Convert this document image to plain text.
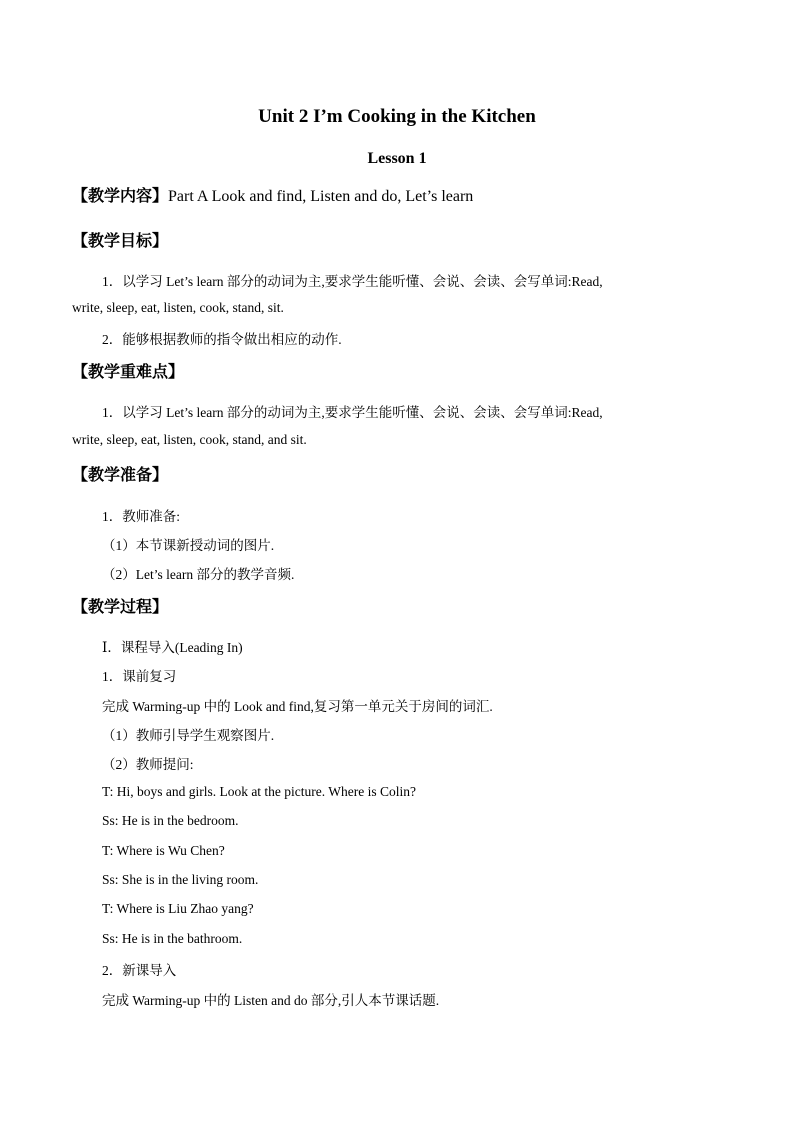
Unit 2 I’m Cooking in the Kitchen
Lesson 1
【教学内容】Part A Look and find, Listen and do, Let’s learn
【教学目标】
1．以学习 Let’s learn 部分的动词为主,要求学生能听懂、会说、会读、会写单词:Read,
write, sleep, eat, listen, cook, stand, sit.
2．能够根据教师的指令做出相应的动作.
【教学重难点】
1．以学习 Let’s learn 部分的动词为主,要求学生能听懂、会说、会读、会写单词:Read,
write, sleep, eat, listen, cook, stand, and sit.
【教学准备】
1．教师准备:
（1）本节课新授动词的图片.
（2）Let’s learn 部分的教学音频.
【教学过程】
Ⅰ．课程导入(Leading In)
1．课前复习
完成 Warming-up 中的 Look and find,复习第一单元关于房间的词汇.
（1）教师引导学生观察图片.
（2）教师提问:
T: Hi, boys and girls. Look at the picture. Where is Colin?
Ss: He is in the bedroom.
T: Where is Wu Chen?
Ss: She is in the living room.
T: Where is Liu Zhao yang?
Ss: He is in the bathroom.
2．新课导入
完成 Warming-up 中的 Listen and do 部分,引人本节课话题.
